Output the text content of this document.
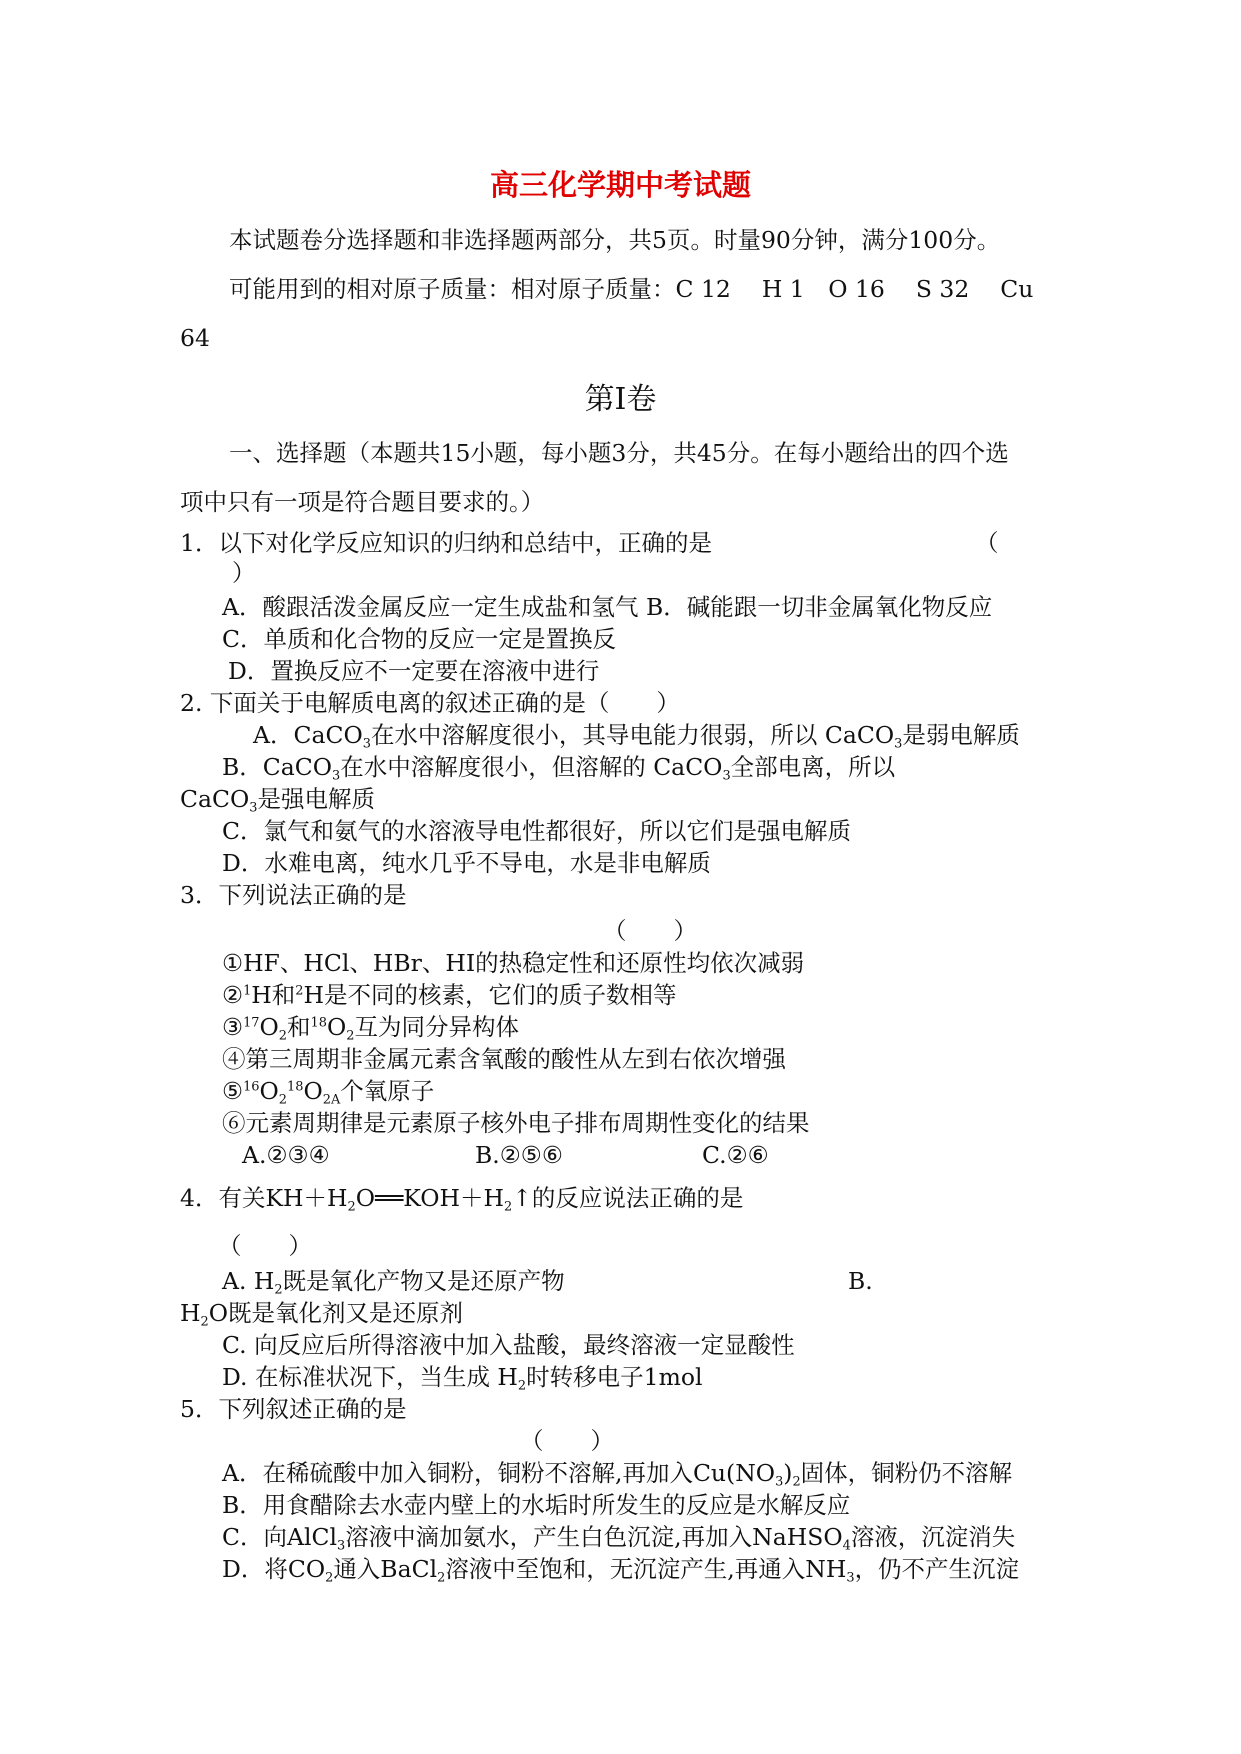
高三化学期中考试题
本试题卷分选择题和非选择题两部分，共5页。时量90分钟，满分100分。
可能用到的相对原子质量：相对原子质量：C 12　 H 1　O 16　 S 32　 Cu
64
第I卷
一、选择题（本题共15小题，每小题3分，共45分。在每小题给出的四个选
项中只有一项是符合题目要求的。）
1．以下对化学反应知识的归纳和总结中，正确的是	（
）
A．酸跟活泼金属反应一定生成盐和氢气 B．碱能跟一切非金属氧化物反应
C．单质和化合物的反应一定是置换反
D．置换反应不一定要在溶液中进行
2. 下面关于电解质电离的叙述正确的是（　　）
A．CaCO$_3$在水中溶解度很小，其导电能力很弱，所以 CaCO$_3$是弱电解质
B．CaCO$_3$在水中溶解度很小，但溶解的 CaCO$_3$全部电离，所以
CaCO$_3$是强电解质
C．氯气和氨气的水溶液导电性都很好，所以它们是强电解质
D．水难电离，纯水几乎不导电，水是非电解质
3．下列说法正确的是
（　　）
①HF、HCl、HBr、HI的热稳定性和还原性均依次减弱
②$^1$H和$^2$H是不同的核素，它们的质子数相等
$③^{17}O_2$和$^{18}O_2$互为同分异构体
④第三周期非金属元素含氧酸的酸性从左到右依次增强
$⑤^{16}O_2^{18}O_{2A}$个氧原子
⑥元素周期律是元素原子核外电子排布周期性变化的结果
A.②③④	B.②⑤⑥	C.②⑥
4．有关$KH+H_2O══KOH+H_2↑$的反应说法正确的是
（　　）
A. $H_2$既是氧化产物又是还原产物	B.
$H_2O$既是氧化剂又是还原剂
C. 向反应后所得溶液中加入盐酸，最终溶液一定显酸性
D. 在标准状况下，当生成 $H_2$时转移电子1mol
5．下列叙述正确的是
（　　）
A．在稀硫酸中加入铜粉，铜粉不溶解,再加入$Cu(NO_3)_2$固体，铜粉仍不溶解
B．用食醋除去水壶内壁上的水垢时所发生的反应是水解反应
C．向AlCl$_3$溶液中滴加氨水，产生白色沉淀,再加入NaHSO$_4$溶液，沉淀消失
D．将$CO_2$通入BaCl$_2$溶液中至饱和，无沉淀产生,再通入$NH_3$，仍不产生沉淀
